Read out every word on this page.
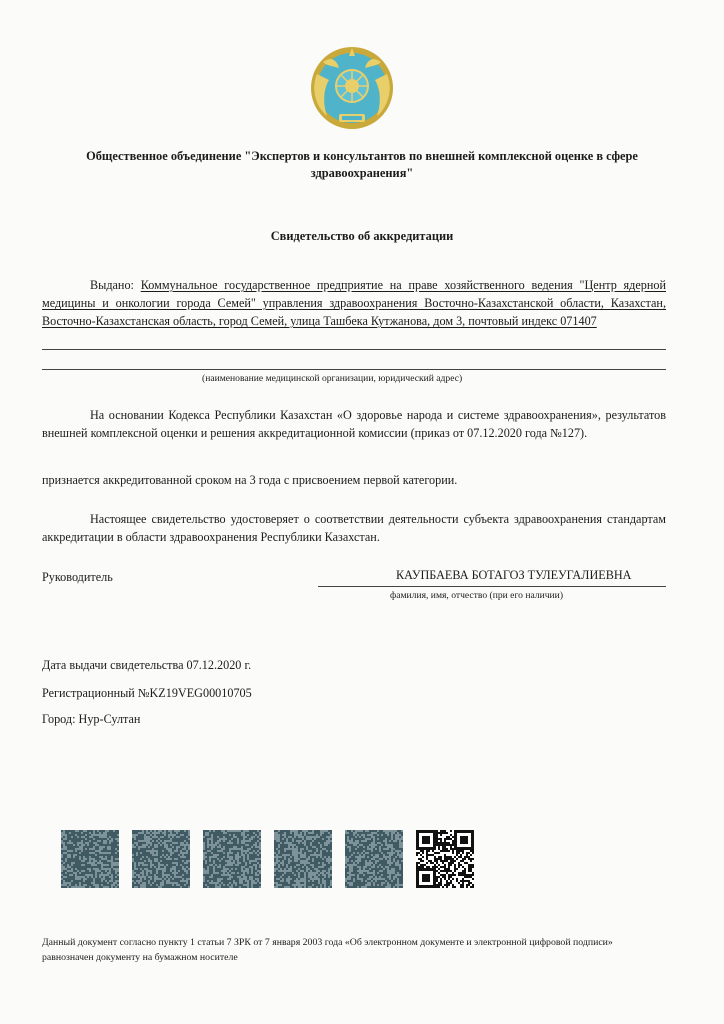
Общественное объединение "Экспертов и консультантов по внешней комплексной оценке в сфере здравоохранения"
Свидетельство об аккредитации
Выдано: Коммунальное государственное предприятие на праве хозяйственного ведения "Центр ядерной медицины и онкологии города Семей" управления здравоохранения Восточно-Казахстанской области, Казахстан, Восточно-Казахстанская область, город Семей, улица Ташбека Кутжанова, дом 3, почтовый индекс 071407
(наименование медицинской организации, юридический адрес)
На основании Кодекса Республики Казахстан «О здоровье народа и системе здравоохранения», результатов внешней комплексной оценки и решения аккредитационной комиссии (приказ от 07.12.2020 года №127).
признается аккредитованной сроком на 3 года с присвоением первой категории.
Настоящее свидетельство удостоверяет о соответствии деятельности субъекта здравоохранения стандартам аккредитации в области здравоохранения Республики Казахстан.
Руководитель	КАУПБАЕВА БОТАГОЗ ТУЛЕУГАЛИЕВНА
фамилия, имя, отчество (при его наличии)
Дата выдачи свидетельства 07.12.2020 г.
Регистрационный №KZ19VEG00010705
Город: Нур-Султан
Данный документ согласно пункту 1 статьи 7 ЗРК от 7 января 2003 года «Об электронном документе и электронной цифровой подписи» равнозначен документу на бумажном носителе
